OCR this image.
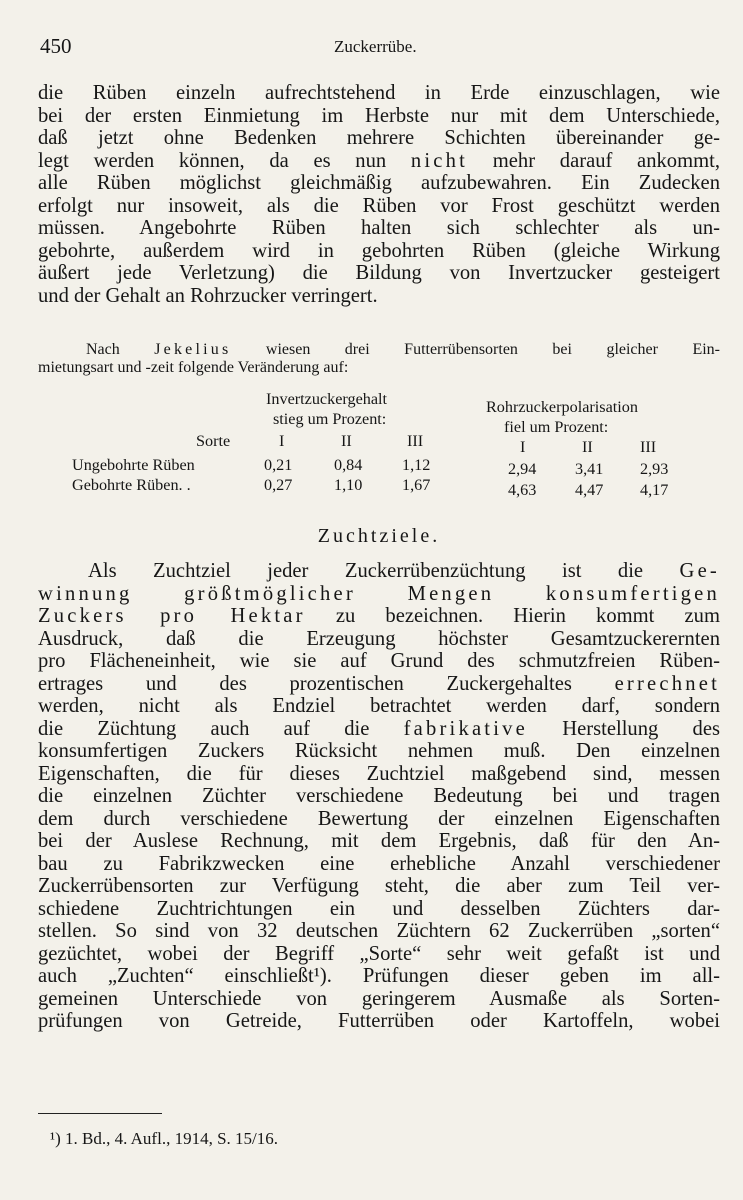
450	Zuckerrübe.
die Rüben einzeln aufrechtstehend in Erde einzuschlagen, wie
bei der ersten Einmietung im Herbste nur mit dem Unterschiede,
daß jetzt ohne Bedenken mehrere Schichten übereinander ge-
legt werden können, da es nun nicht mehr darauf ankommt,
alle Rüben möglichst gleichmäßig aufzubewahren. Ein Zudecken
erfolgt nur insoweit, als die Rüben vor Frost geschützt werden
müssen. Angebohrte Rüben halten sich schlechter als un-
gebohrte, außerdem wird in gebohrten Rüben (gleiche Wirkung
äußert jede Verletzung) die Bildung von Invertzucker gesteigert
und der Gehalt an Rohrzucker verringert.
Nach Jekelius wiesen drei Futterrübensorten bei gleicher Ein-
mietungsart und -zeit folgende Veränderung auf:
Invertzuckergehalt
stieg um Prozent:
Rohrzuckerpolarisation
fiel um Prozent:
Sorte	I	II	III	I	II	III
Ungebohrte Rüben	0,21	0,84 1,12	2,94 3,41 2,93
Gebohrte Rüben. .	0,27	1,10 1,67	4,63 4,47 4,17
Zuchtziele.
Als Zuchtziel jeder Zuckerrübenzüchtung ist die Ge-
winnung größtmöglicher Mengen konsumfertigen
Zuckers pro Hektar zu bezeichnen. Hierin kommt zum
Ausdruck, daß die Erzeugung höchster Gesamtzuckerernten
pro Flächeneinheit, wie sie auf Grund des schmutzfreien Rüben-
ertrages und des prozentischen Zuckergehaltes errechnet
werden, nicht als Endziel betrachtet werden darf, sondern
die Züchtung auch auf die fabrikative Herstellung des
konsumfertigen Zuckers Rücksicht nehmen muß. Den einzelnen
Eigenschaften, die für dieses Zuchtziel maßgebend sind, messen
die einzelnen Züchter verschiedene Bedeutung bei und tragen
dem durch verschiedene Bewertung der einzelnen Eigenschaften
bei der Auslese Rechnung, mit dem Ergebnis, daß für den An-
bau zu Fabrikzwecken eine erhebliche Anzahl verschiedener
Zuckerrübensorten zur Verfügung steht, die aber zum Teil ver-
schiedene Zuchtrichtungen ein und desselben Züchters dar-
stellen. So sind von 32 deutschen Züchtern 62 Zuckerrüben „sorten“
gezüchtet, wobei der Begriff „Sorte“ sehr weit gefaßt ist und
auch „Zuchten“ einschließt¹). Prüfungen dieser geben im all-
gemeinen Unterschiede von geringerem Ausmaße als Sorten-
prüfungen von Getreide, Futterrüben oder Kartoffeln, wobei
¹) 1. Bd., 4. Aufl., 1914, S. 15/16.
